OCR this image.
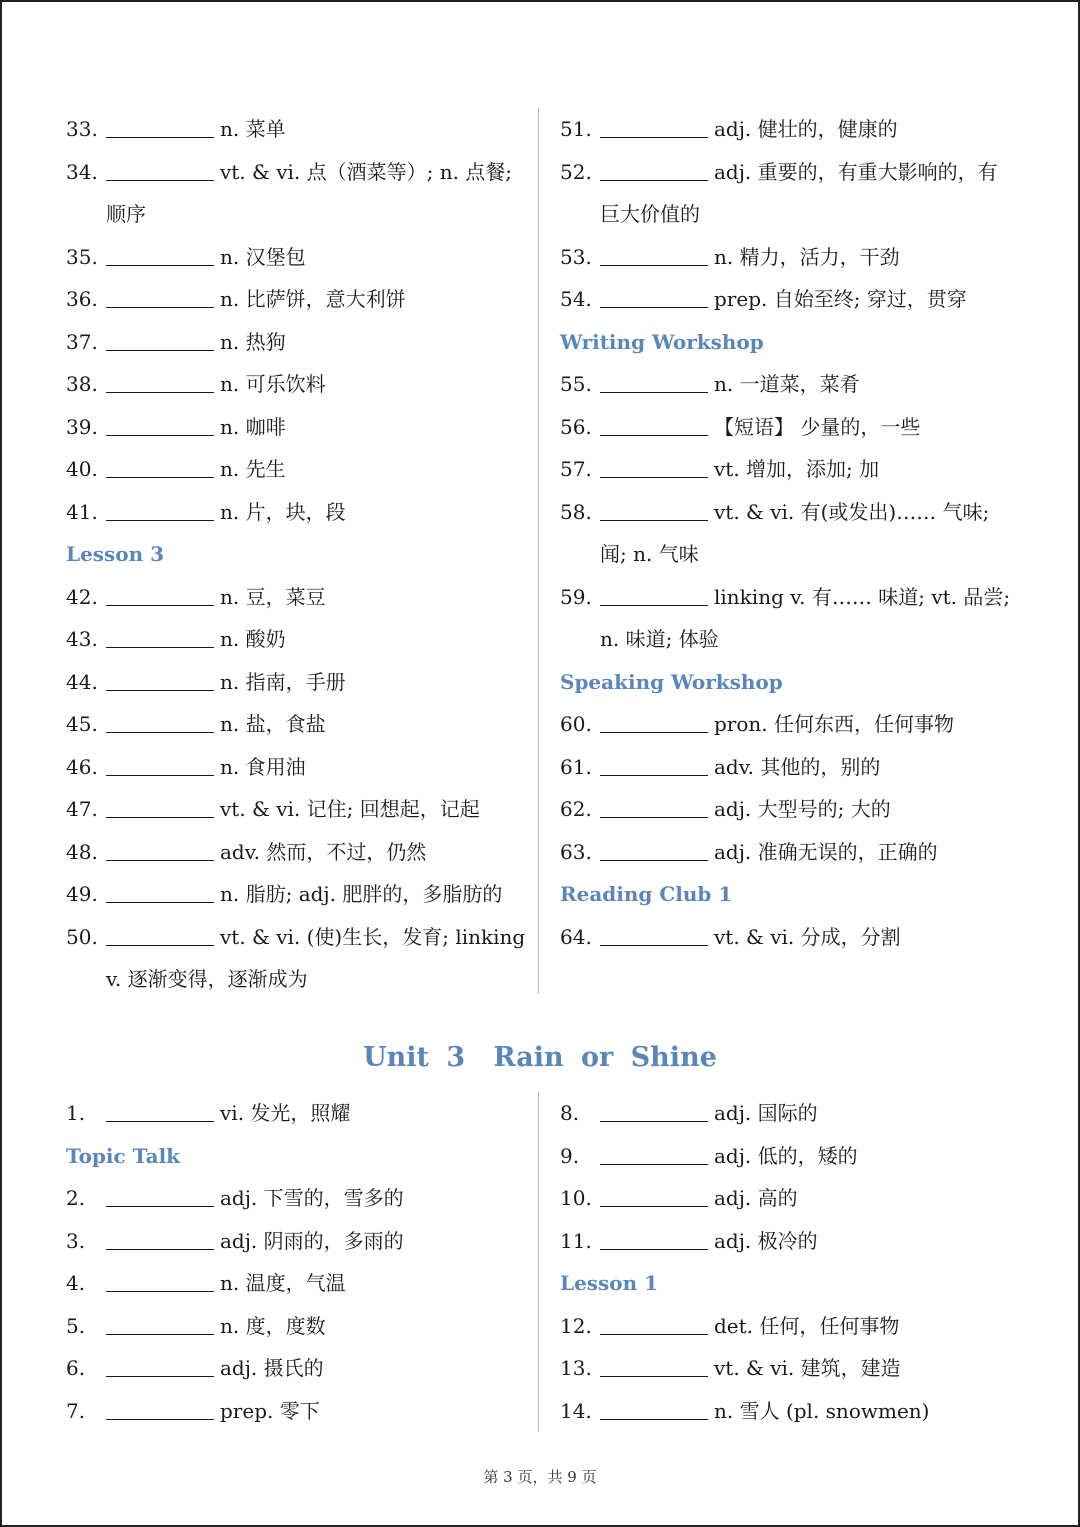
33.	n. 菜单
34.	vt. & vi. 点（酒菜等）; n. 点餐;
顺序
35.	n. 汉堡包
36.	n. 比萨饼，意大利饼
37.	n. 热狗
38.	n. 可乐饮料
39.	n. 咖啡
40.	n. 先生
41.	n. 片，块，段
Lesson 3
42.	n. 豆，菜豆
43.	n. 酸奶
44.	n. 指南，手册
45.	n. 盐，食盐
46.	n. 食用油
47.	vt. & vi. 记住; 回想起，记起
48.	adv. 然而，不过，仍然
49.	n. 脂肪; adj. 肥胖的，多脂肪的
50.	vt. & vi. (使)生长，发育; linking
v. 逐渐变得，逐渐成为
51.	adj. 健壮的，健康的
52.	adj. 重要的，有重大影响的，有
巨大价值的
53.	n. 精力，活力，干劲
54.	prep. 自始至终; 穿过，贯穿
Writing Workshop
55.	n. 一道菜，菜肴
56.	【短语】 少量的，一些
57.	vt. 增加，添加; 加
58.	vt. & vi. 有(或发出)…… 气味;
闻; n. 气味
59.	linking v. 有…… 味道; vt. 品尝;
n. 味道; 体验
Speaking Workshop
60.	pron. 任何东西，任何事物
61.	adv. 其他的，别的
62.	adj. 大型号的; 大的
63.	adj. 准确无误的，正确的
Reading Club 1
64.	vt. & vi. 分成，分割
Unit 3 Rain or Shine
1.	vi. 发光，照耀
Topic Talk
2.	adj. 下雪的，雪多的
3.	adj. 阴雨的，多雨的
4.	n. 温度，气温
5.	n. 度，度数
6.	adj. 摄氏的
7.	prep. 零下
8.	adj. 国际的
9.	adj. 低的，矮的
10.	adj. 高的
11.	adj. 极冷的
Lesson 1
12.	det. 任何，任何事物
13.	vt. & vi. 建筑，建造
14.	n. 雪人 (pl. snowmen)
第 3 页，共 9 页
